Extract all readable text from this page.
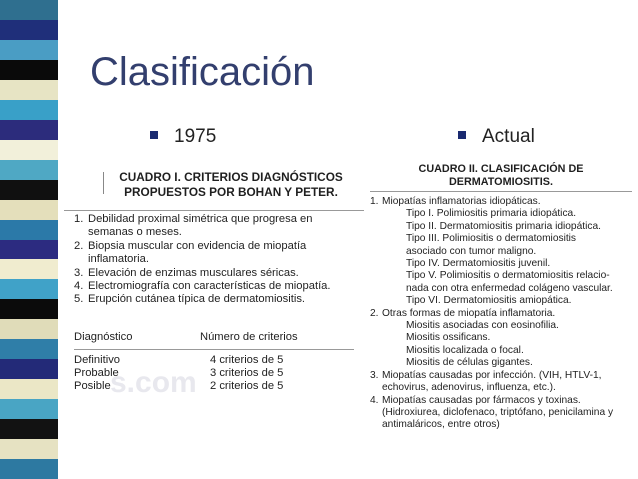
Clasificación
1975	Actual
CUADRO I. CRITERIOS DIAGNÓSTICOS
PROPUESTOS POR BOHAN Y PETER.
1. Debilidad proximal simétrica que progresa en
semanas o meses.
2. Biopsia muscular con evidencia de miopatía
inflamatoria.
3. Elevación de enzimas musculares séricas.
4. Electromiografía con características de miopatía.
5. Erupción cutánea típica de dermatomiositis.
Diagnóstico	Número de criterios
Definitivo	4 criterios de 5
Probable	3 criterios de 5
Posible	2 criterios de 5
s.com
CUADRO II. CLASIFICACIÓN DE
DERMATOMIOSITIS.
1. Miopatías inflamatorias idiopáticas.
Tipo I. Polimiositis primaria idiopática.
Tipo II. Dermatomiositis primaria idiopática.
Tipo III. Polimiositis o dermatomiositis
asociado con tumor maligno.
Tipo IV. Dermatomiositis juvenil.
Tipo V. Polimiositis o dermatomiositis relacio-
nada con otra enfermedad colágeno vascular.
Tipo VI. Dermatomiositis amiopática.
2. Otras formas de miopatía inflamatoria.
Miositis asociadas con eosinofilia.
Miositis ossificans.
Miositis localizada o focal.
Miositis de células gigantes.
3. Miopatías causadas por infección. (VIH, HTLV-1,
echovirus, adenovirus, influenza, etc.).
4. Miopatías causadas por fármacos y toxinas.
(Hidroxiurea, diclofenaco, triptófano, penicilamina y
antimaláricos, entre otros)
